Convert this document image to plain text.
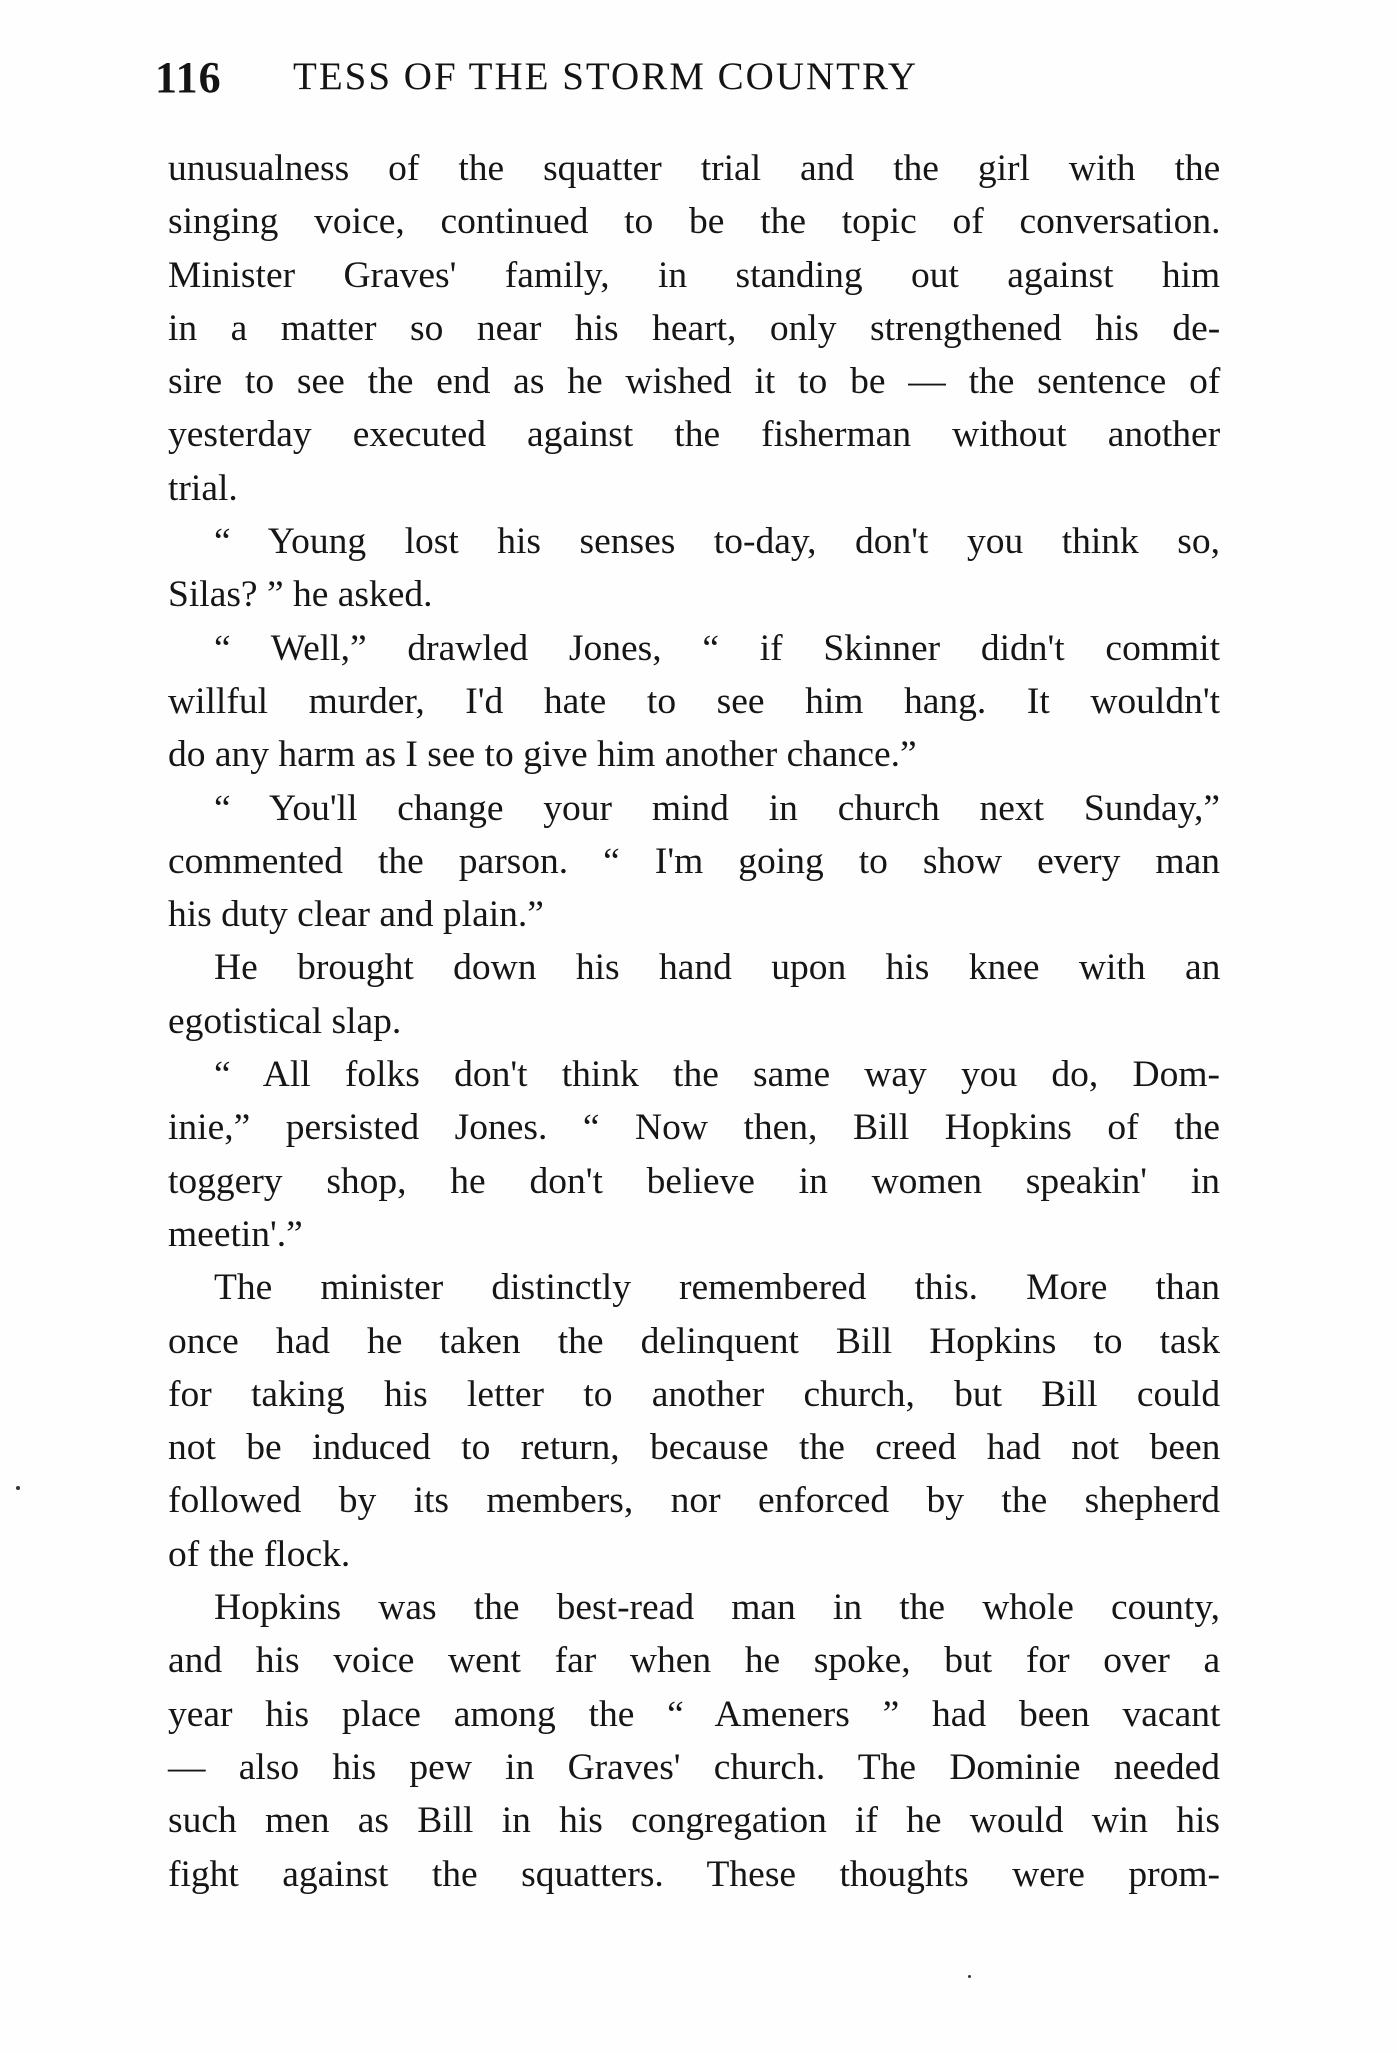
116 TESS OF THE STORM COUNTRY

unusualness of the squatter trial and the girl with the
singing voice, continued to be the topic of conversation.
Minister Graves' family, in standing out against him
in a matter so near his heart, only strengthened his de-
sire to see the end as he wished it to be — the sentence of
yesterday executed against the fisherman without another
trial.

“ Young lost his senses to-day, don't you think so,
Silas? ” he asked.

“ Well,” drawled Jones, “ if Skinner didn't commit
willful murder, I'd hate to see him hang. It wouldn't
do any harm as I see to give him another chance.”

“ You'll change your mind in church next Sunday,”
commented the parson. “ I'm going to show every man
his duty clear and plain.”

He brought down his hand upon his knee with an
egotistical slap.

“ All folks don't think the same way you do, Dom-
inie,” persisted Jones. “ Now then, Bill Hopkins of the
toggery shop, he don't believe in women speakin' in
meetin'.”

The minister distinctly remembered this. More than
once had he taken the delinquent Bill Hopkins to task
for taking his letter to another church, but Bill could
not be induced to return, because the creed had not been
followed by its members, nor enforced by the shepherd
of the flock.

Hopkins was the best-read man in the whole county,
and his voice went far when he spoke, but for over a
year his place among the “ Ameners ” had been vacant
— also his pew in Graves' church. The Dominie needed
such men as Bill in his congregation if he would win his
fight against the squatters. These thoughts were prom-
